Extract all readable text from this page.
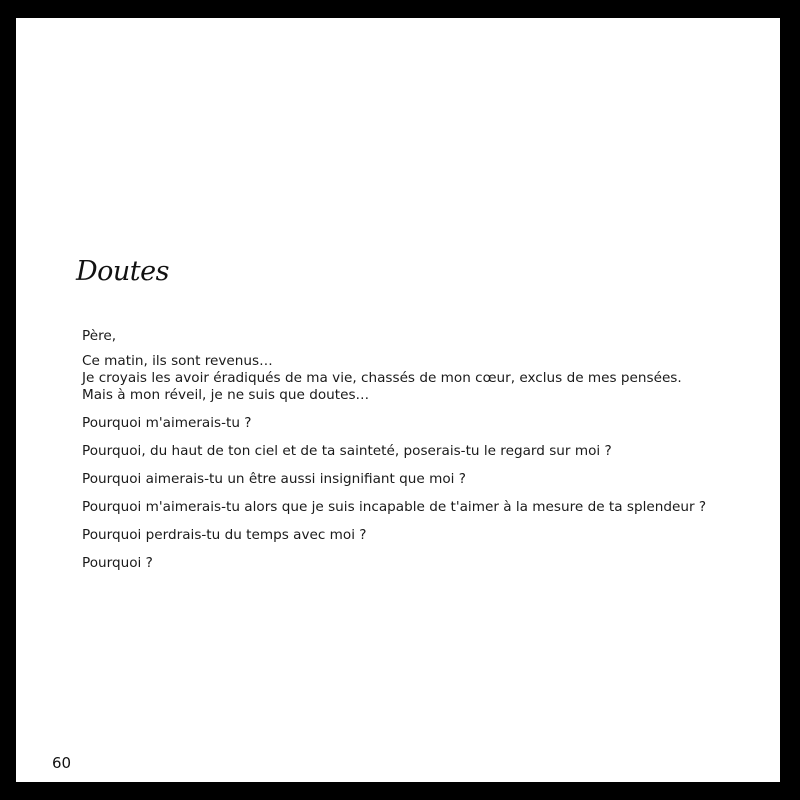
Doutes
Père,
Ce matin, ils sont revenus…
Je croyais les avoir éradiqués de ma vie, chassés de mon cœur, exclus de mes pensées.
Mais à mon réveil, je ne suis que doutes…
Pourquoi m'aimerais-tu ?
Pourquoi, du haut de ton ciel et de ta sainteté, poserais-tu le regard sur moi ?
Pourquoi aimerais-tu un être aussi insignifiant que moi ?
Pourquoi m'aimerais-tu alors que je suis incapable de t'aimer à la mesure de ta splendeur ?
Pourquoi perdrais-tu du temps avec moi ?
Pourquoi ?
60
